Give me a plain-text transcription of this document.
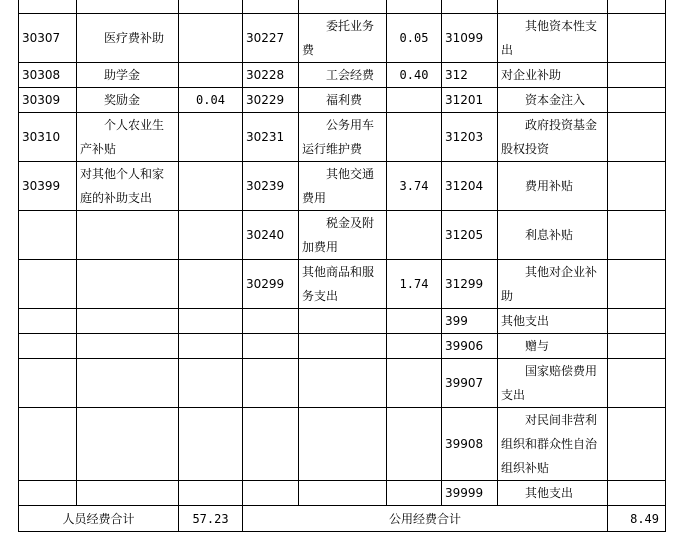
30307	医疗费补助		30227	委托业务费	0.05	31099	其他资本性支出	
30308	助学金		30228	工会经费	0.40	312	对企业补助	
30309	奖励金	0.04	30229	福利费		31201	资本金注入	
30310	个人农业生产补贴		30231	公务用车运行维护费		31203	政府投资基金股权投资	
30399	对其他个人和家庭的补助支出		30239	其他交通费用	3.74	31204	费用补贴	
			30240	税金及附加费用		31205	利息补贴	
			30299	其他商品和服务支出	1.74	31299	其他对企业补助	
						399	其他支出	
						39906	赠与	
						39907	国家赔偿费用支出	
						39908	对民间非营利组织和群众性自治组织补贴	
						39999	其他支出	
人员经费合计		57.23	公用经费合计					8.49
